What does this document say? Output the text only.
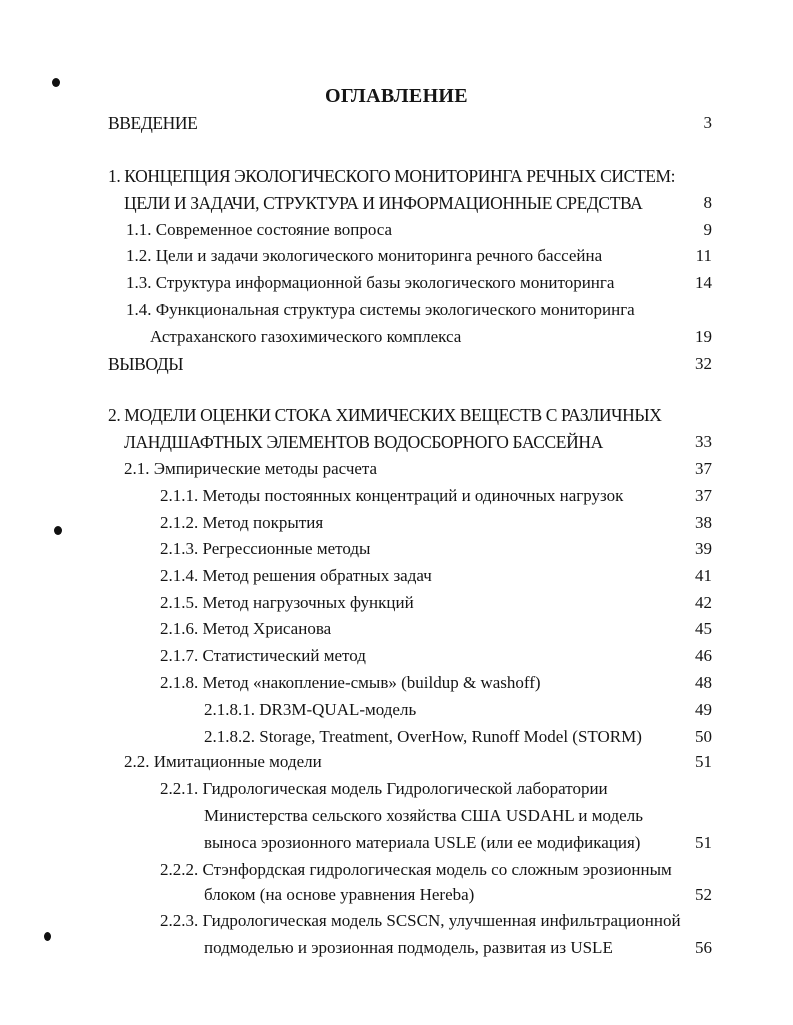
ОГЛАВЛЕНИЕ
ВВЕДЕНИЕ	3
1. КОНЦЕПЦИЯ ЭКОЛОГИЧЕСКОГО МОНИТОРИНГА РЕЧНЫХ СИСТЕМ:
ЦЕЛИ И ЗАДАЧИ, СТРУКТУРА И ИНФОРМАЦИОННЫЕ СРЕДСТВА	8
1.1. Современное состояние вопроса	9
1.2. Цели и задачи экологического мониторинга речного бассейна	11
1.3. Структура информационной базы экологического мониторинга	14
1.4. Функциональная структура системы экологического мониторинга
Астраханского газохимического комплекса	19
ВЫВОДЫ	32
2. МОДЕЛИ ОЦЕНКИ СТОКА ХИМИЧЕСКИХ ВЕЩЕСТВ С РАЗЛИЧНЫХ
ЛАНДШАФТНЫХ ЭЛЕМЕНТОВ ВОДОСБОРНОГО БАССЕЙНА	33
2.1. Эмпирические методы расчета	37
2.1.1. Методы постоянных концентраций и одиночных нагрузок	37
2.1.2. Метод покрытия	38
2.1.3. Регрессионные методы	39
2.1.4. Метод решения обратных задач	41
2.1.5. Метод нагрузочных функций	42
2.1.6. Метод Хрисанова	45
2.1.7. Статистический метод	46
2.1.8. Метод «накопление-смыв» (buildup & washoff)	48
2.1.8.1. DR3M-QUAL-модель	49
2.1.8.2. Storage, Treatment, OverHow, Runoff Model (STORM)	50
2.2. Имитационные модели	51
2.2.1. Гидрологическая модель Гидрологической лаборатории
Министерства сельского хозяйства США USDAHL и модель
выноса эрозионного материала USLE (или ее модификация)	51
2.2.2. Стэнфордская гидрологическая модель со сложным эрозионным
блоком (на основе уравнения Hereba)	52
2.2.3. Гидрологическая модель SCSCN, улучшенная инфильтрационной
подмоделью и эрозионная подмодель, развитая из USLE	56
